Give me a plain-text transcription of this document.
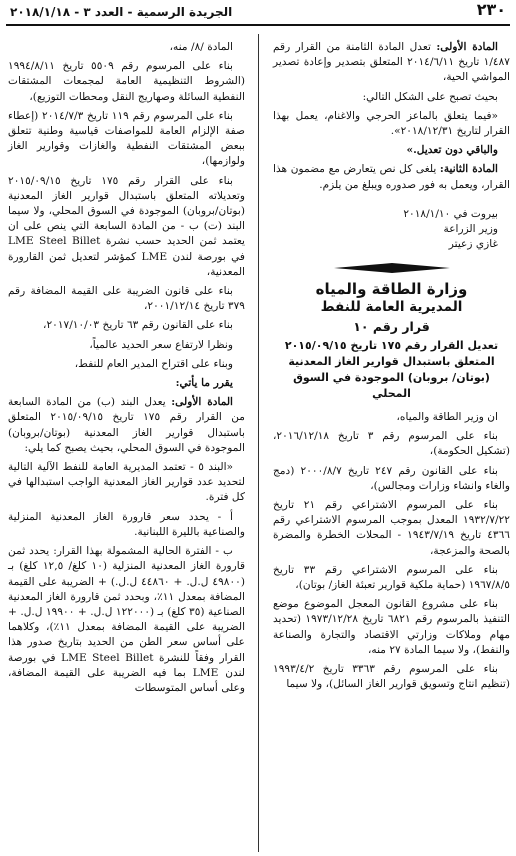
٢٣٠
الجريدة الرسمية - العدد ٣ - ٢٠١٨/١/١٨

المادة الأولى: تعدل المادة الثامنة من القرار رقم ١/٤٨٧ تاريخ ٢٠١٤/٦/١١ المتعلق بتصدير وإعادة تصدير المواشي الحية،

بحيث تصبح على الشكل التالي:

«فيما يتعلق بالماعز الحرجي والاغنام، يعمل بهذا القرار لتاريخ ٢٠١٨/١٢/٣١».

والباقي دون تعديل.»

المادة الثانية: يلغى كل نص يتعارض مع مضمون هذا القرار، ويعمل به فور صدوره ويبلغ من يلزم.

بيروت في ٢٠١٨/١/١٠

وزير الزراعة

غازي زعيتر

وزارة الطاقة والمياه

المديرية العامة للنفط

قرار رقم ١٠

تعديل القرار رقم ١٧٥ تاريخ ٢٠١٥/٠٩/١٥ المتعلق باستبدال قوارير الغاز المعدنية (بوتان/ بروبان) الموجودة في السوق المحلي

ان وزير الطاقة والمياه،

بناء على المرسوم رقم ٣ تاريخ ٢٠١٦/١٢/١٨، (تشكيل الحكومة)،

بناء على القانون رقم ٢٤٧ تاريخ ٢٠٠٠/٨/٧ (دمج والغاء وانشاء وزارات ومجالس)،

بناء على المرسوم الاشتراعي رقم ٢١ تاريخ ١٩٣٢/٧/٢٢ المعدل بموجب المرسوم الاشتراعي رقم ٤٣٦٦ تاريخ ١٩٤٣/٧/١٩ - المحلات الخطرة والمضرة بالصحة والمزعجة،

بناء على المرسوم الاشتراعي رقم ٣٣ تاريخ ١٩٦٧/٨/٥ (حماية ملكية قوارير تعبئة الغاز/ بوتان)،

بناء على مشروع القانون المعجل الموضوع موضع التنفيذ بالمرسوم رقم ٦٨٢١ تاريخ ١٩٧٣/١٢/٢٨ (تحديد مهام وملاكات وزارتي الاقتصاد والتجارة والصناعة والنفط)، ولا سيما المادة ٢٧ منه،

بناء على المرسوم رقم ٣٣٦٣ تاريخ ١٩٩٣/٤/٢ (تنظيم انتاج وتسويق قوارير الغاز السائل)، ولا سيما

المادة /٨/ منه،

بناء على المرسوم رقم ٥٥٠٩ تاريخ ١٩٩٤/٨/١١ (الشروط التنظيمية العامة لمجمعات المشتقات النفطية السائلة وصهاريج النقل ومحطات التوزيع)،

بناء على المرسوم رقم ١١٩ تاريخ ٢٠١٤/٧/٣ (إعطاء صفة الإلزام العامة للمواصفات قياسية وطنية تتعلق ببعض المشتقات النفطية والغازات وقوارير الغاز ولوازمها)،

بناء على القرار رقم ١٧٥ تاريخ ٢٠١٥/٠٩/١٥ وتعديلاته المتعلق باستبدال قوارير الغاز المعدنية (بوتان/بروبان) الموجودة في السوق المحلي، ولا سيما البند (ت) ب - من المادة السابعة التي ينص على ان يعتمد ثمن الحديد حسب نشرة LME Steel Billet في بورصة لندن LME كمؤشر لتعديل ثمن القارورة المعدنية،

بناء على قانون الضريبة على القيمة المضافة رقم ٣٧٩ تاريخ ٢٠٠١/١٢/١٤،

بناء على القانون رقم ٦٣ تاريخ ٢٠١٧/١٠/٠٣،

ونظرا لارتفاع سعر الحديد عالمياً،

وبناء على اقتراح المدير العام للنفط،

يقرر ما يأتي:

المادة الأولى: يعدل البند (ب) من المادة السابعة من القرار رقم ١٧٥ تاريخ ٢٠١٥/٠٩/١٥ المتعلق باستبدال قوارير الغاز المعدنية (بوتان/بروبان) الموجودة في السوق المحلي، بحيث يصبح كما يلي:

«البند ٥ - تعتمد المديرية العامة للنفط الآلية التالية لتحديد عدد قوارير الغاز المعدنية الواجب استبدالها في كل فترة.

أ - يحدد سعر قارورة الغاز المعدنية المنزلية والصناعية بالليرة اللبنانية.

ب - الفترة الحالية المشمولة بهذا القرار: يحدد ثمن قارورة الغاز المعدنية المنزلية (١٠ كلغ/ ١٢,٥ كلغ) بـ (٤٩٨٠٠ ل.ل. + ٤٤٨٦٠ ل.ل.) + الضريبة على القيمة المضافة بمعدل ١١٪، وبحدد ثمن قارورة الغاز المعدنية الصناعية (٣٥ كلغ) بـ (١٢٢٠٠٠ ل.ل. + ١٩٩٠٠ ل.ل. + الضريبة على القيمة المضافة بمعدل ١١٪)، وكلاهما على أساس سعر الطن من الحديد بتاريخ صدور هذا القرار وفقاً للنشرة LME Steel Billet في بورصة لندن LME بما فيه الضريبة على القيمة المضافة، وعلى أساس المتوسطات
